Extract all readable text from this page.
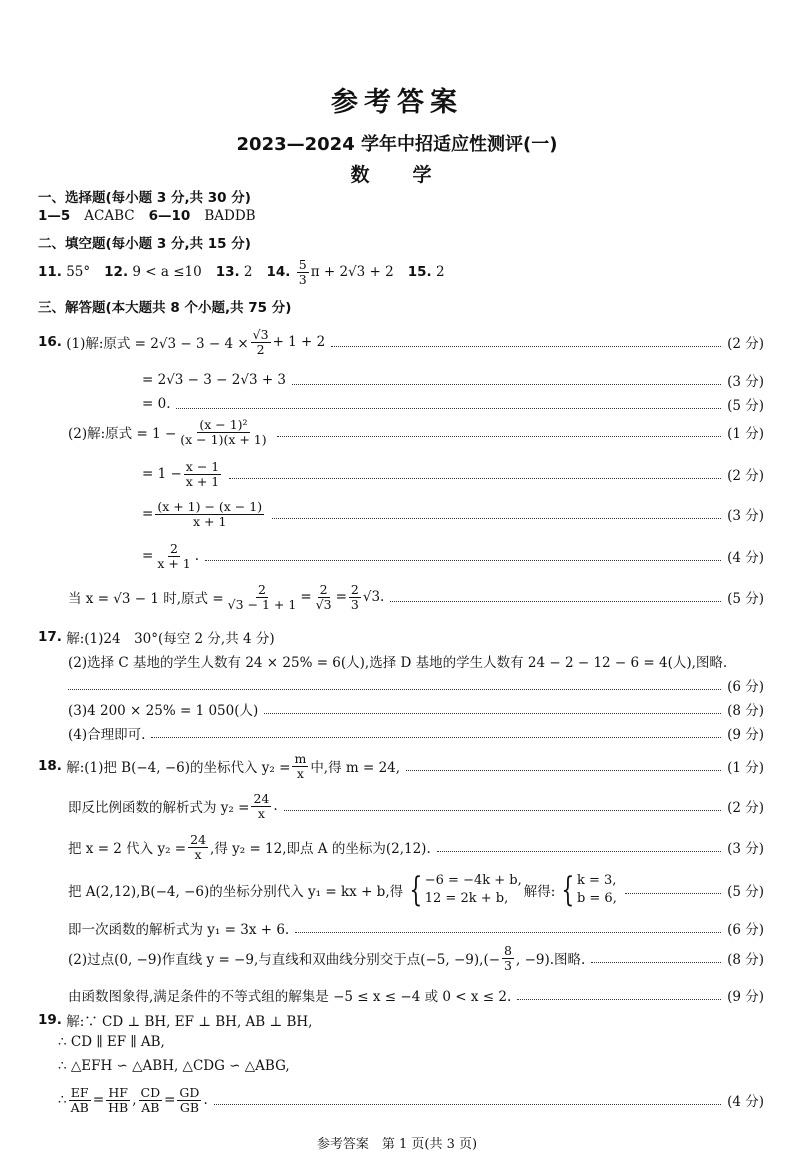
参考答案
2023—2024 学年中招适应性测评(一)
数　学
一、选择题(每小题 3 分,共 30 分)
1—5 ACABC 6—10 BADDB
二、填空题(每小题 3 分,共 15 分)
11.
55° 12.
9 < a ≤10 13.
2 14.
$\frac{5}{3}$ π + 2√3 + 2 15.
2
三、解答题(本大题共 8 个小题,共 75 分)
16.
(1)解:原式 = $2√3 - 3 - 4 \times \frac{√3}{2} + 1 + 2$	(2 分)
= 2√3 − 3 − 2√3 + 3	(3 分)
= 0.	(5 分)
(2)解:原式 = $1 - \frac{\text{(x − 1)²}}{(x - 1)(x + 1)}$	(1 分)
= $1 - \frac{x - 1}{x + 1}$	(2 分)
= $\frac{(x + 1) - (x - 1)}{x + 1}$	(3 分)
= $\frac{2}{x + 1}$ .	(4 分)
当 x = √3 − 1 时,原式 = $\frac{2}{√3 - 1 + 1} = \frac{2}{√3} = \frac{2}{3} √3$.	(5 分)
17.
解:(1)24　30°(每空 2 分,共 4 分)
(2)选择 C 基地的学生人数有 24 × 25% = 6(人),选择 D 基地的学生人数有 24 − 2 − 12 − 6 = 4(人),图略.
(6 分)
(3)4 200 × 25% = 1 050(人)	(8 分)
(4)合理即可.	(9 分)
18.
解:(1)把 B(−4, −6)的坐标代入 $y_2 = \frac{m}{x}$ 中,得 m = 24,	(1 分)
即反比例函数的解析式为 $y_2 = \frac{24}{x}$ .	(2 分)
把 x = 2 代入 $y_2 = \frac{24}{x}$ ,得 y₂ = 12,即点 A 的坐标为(2,12).	(3 分)
把 A(2,12),B(−4, −6)的坐标分别代入 y₁ = kx + b,得 { −6 = −4k + b,
12 = 2k + b,	解得: { k = 3,
b = 6,	(5 分)
即一次函数的解析式为 y₁ = 3x + 6.	(6 分)
(2)过点(0, −9)作直线 y = −9,与直线和双曲线分别交于点(−5, $-9),(- \frac{8}{3}$ , −9).图略.	(8 分)
由函数图象得,满足条件的不等式组的解集是 −5 ≤ x ≤ −4 或 0 < x ≤ 2.	(9 分)
19.
解:∵ CD ⊥ BH, EF ⊥ BH, AB ⊥ BH,
∴ CD ∥ EF ∥ AB,
∴ △EFH ∽ △ABH, △CDG ∽ △ABG,
∴ $\frac{EF}{AB} = \frac{HF}{HB}$ , $\frac{CD}{AB} = \frac{GD}{GB}$ .	(4 分)
参考答案　第 1 页(共 3 页)
